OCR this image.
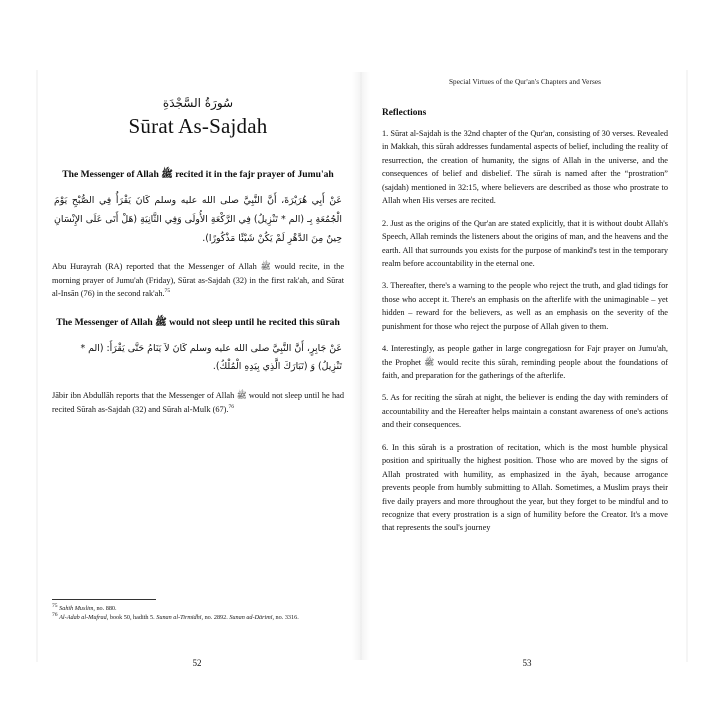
سُورَةُ السَّجْدَةِ
Sūrat As-Sajdah
The Messenger of Allah ﷺ recited it in the fajr prayer of Jumu'ah
عَنْ أَبِي هُرَيْرَةَ، أَنَّ النَّبِيَّ صلى الله عليه وسلم كَانَ يَقْرَأُ فِي الصُّبْحِ يَوْمَ الْجُمُعَةِ بِـ (الم * تَنْزِيلُ) فِي الرَّكْعَةِ الأُولَى وَفِي الثَّانِيَةِ (هَلْ أَتَى عَلَى الإِنْسَانِ حِينٌ مِنَ الدَّهْرِ لَمْ يَكُنْ شَيْئًا مَذْكُورًا).

Abu Hurayrah (RA) reported that the Messenger of Allah ﷺ would recite, in the morning prayer of Jumu'ah (Friday), Sūrat as-Sajdah (32) in the first rak'ah, and Sūrat al-Insān (76) in the second rak'ah.$^{75}$

The Messenger of Allah ﷺ would not sleep until he recited this sūrah
عَنْ جَابِرٍ، أَنَّ النَّبِيَّ صلى الله عليه وسلم كَانَ لاَ يَنَامُ حَتَّى يَقْرَأَ: (الم * تَنْزِيلُ) وَ (تَبَارَكَ الَّذِي بِيَدِهِ الْمُلْكُ).

Jābir ibn Abdullāh reports that the Messenger of Allah ﷺ would not sleep until he had recited Sūrah as-Sajdah (32) and Sūrah al-Mulk (67).$^{76}$

$^{75}$ Sahīh Muslim, no. 880.

$^{76}$ Al-Adab al-Mufrad, book 50, hadith 5. Sunan al-Tirmidhī, no. 2892. Sunan ad-Dārimī, no. 3316.

52
Special Virtues of the Qur'an's Chapters and Verses
Reflections

1. Sūrat al-Sajdah is the 32nd chapter of the Qur'an, consisting of 30 verses. Revealed in Makkah, this sūrah addresses fundamental aspects of belief, including the reality of resurrection, the creation of humanity, the signs of Allah in the universe, and the consequences of belief and disbelief. The sūrah is named after the “prostration” (sajdah) mentioned in 32:15, where believers are described as those who prostrate to Allah when His verses are recited.

2. Just as the origins of the Qur'an are stated explicitly, that it is without doubt Allah's Speech, Allah reminds the listeners about the origins of man, and the heavens and the earth. All that surrounds you exists for the purpose of mankind's test in the temporary realm before accountability in the eternal one.

3. Thereafter, there's a warning to the people who reject the truth, and glad tidings for those who accept it. There's an emphasis on the afterlife with the unimaginable – yet hidden – reward for the believers, as well as an emphasis on the severity of the punishment for those who reject the purpose of Allah given to them.

4. Interestingly, as people gather in large congregatiosn for Fajr prayer on Jumu'ah, the Prophet ﷺ would recite this sūrah, reminding people about the foundations of faith, and preparation for the gatherings of the afterlife.

5. As for reciting the sūrah at night, the believer is ending the day with reminders of accountability and the Hereafter helps maintain a constant awareness of one's actions and their consequences.

6. In this sūrah is a prostration of recitation, which is the most humble physical position and spiritually the highest position. Those who are moved by the signs of Allah prostrated with humility, as emphasized in the āyah, because arrogance prevents people from humbly submitting to Allah. Sometimes, a Muslim prays their five daily prayers and more throughout the year, but they forget to be mindful and to recognize that every prostration is a sign of humility before the Creator. It's a move that represents the soul's journey

53
